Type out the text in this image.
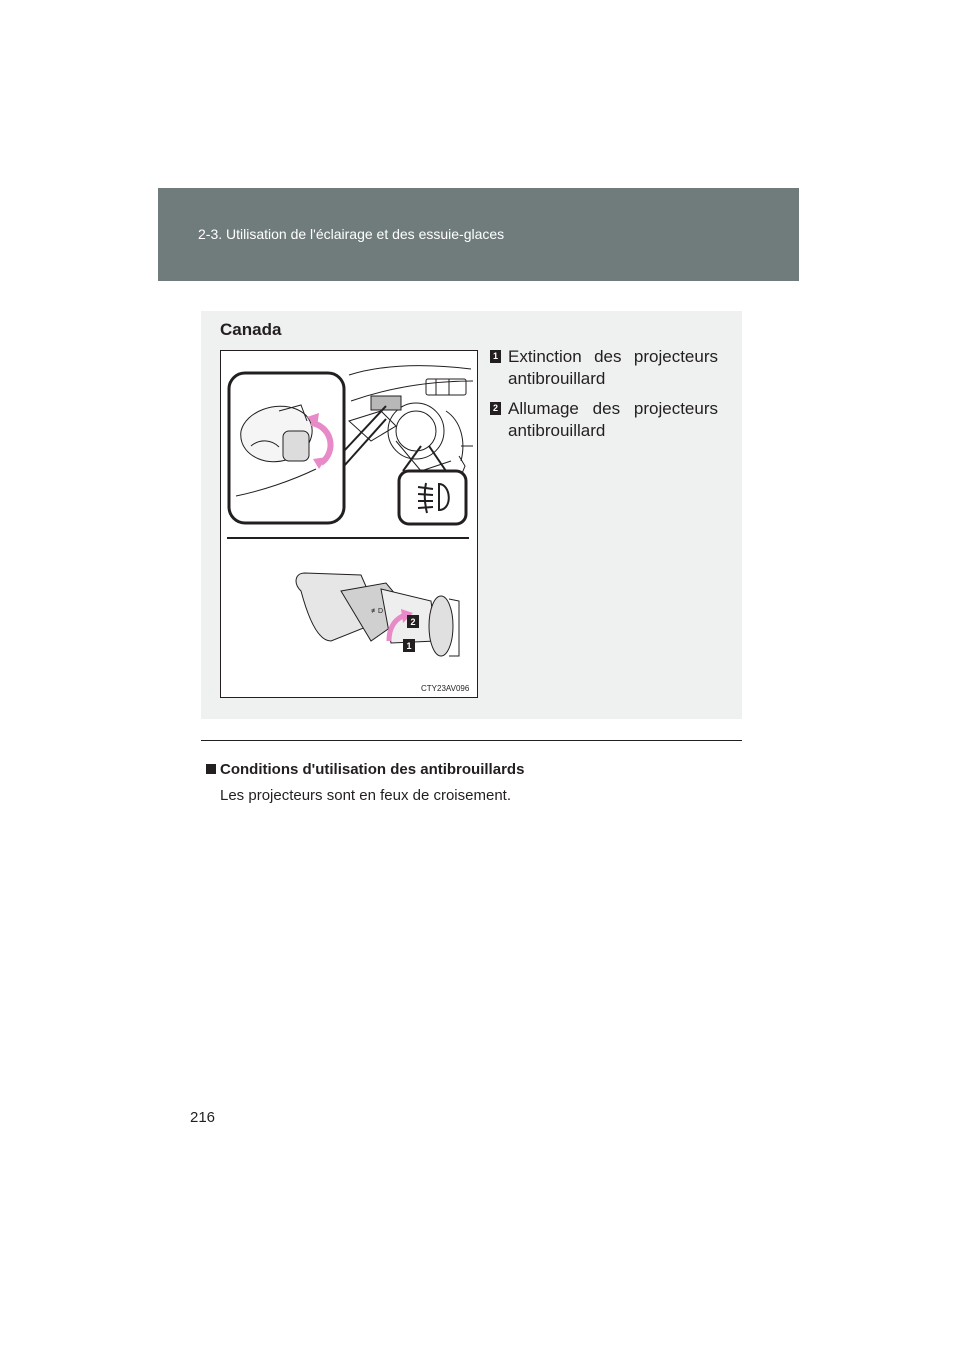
2-3. Utilisation de l'éclairage et des essuie-glaces
Canada
≢D
2
1
CTY23AV096
1 Extinction des projecteurs antibrouillard
2 Allumage des projecteurs antibrouillard
Conditions d'utilisation des antibrouillards
Les projecteurs sont en feux de croisement.
216
